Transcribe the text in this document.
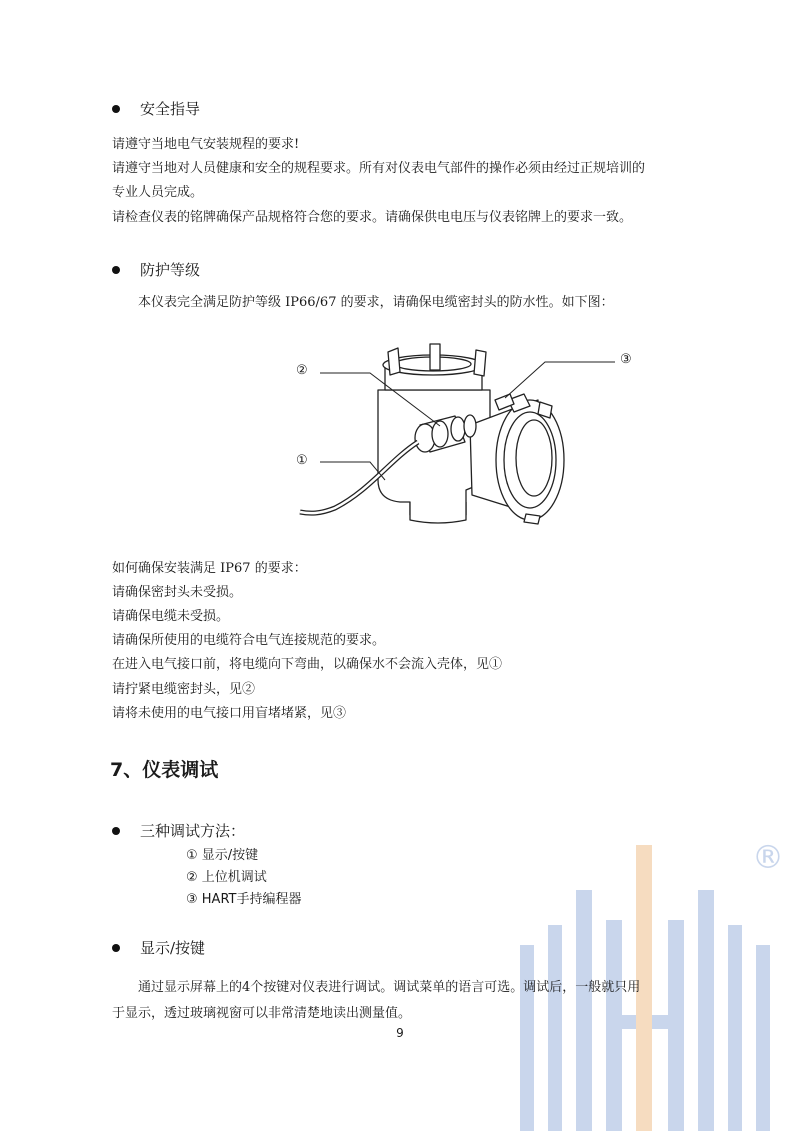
安全指导
请遵守当地电气安装规程的要求!
请遵守当地对人员健康和安全的规程要求。所有对仪表电气部件的操作必须由经过正规培训的
专业人员完成。
请检查仪表的铭牌确保产品规格符合您的要求。请确保供电电压与仪表铭牌上的要求一致。
防护等级
本仪表完全满足防护等级 IP66/67 的要求，请确保电缆密封头的防水性。如下图：
②
③
①
如何确保安装满足 IP67 的要求：
请确保密封头未受损。
请确保电缆未受损。
请确保所使用的电缆符合电气连接规范的要求。
在进入电气接口前，将电缆向下弯曲，以确保水不会流入壳体，见①
请拧紧电缆密封头，见②
请将未使用的电气接口用盲堵堵紧，见③
7、仪表调试
®
三种调试方法：
① 显示/按键
② 上位机调试
③ HART手持编程器
显示/按键
通过显示屏幕上的4个按键对仪表进行调试。调试菜单的语言可选。调试后，一般就只用
于显示，透过玻璃视窗可以非常清楚地读出测量值。
9
